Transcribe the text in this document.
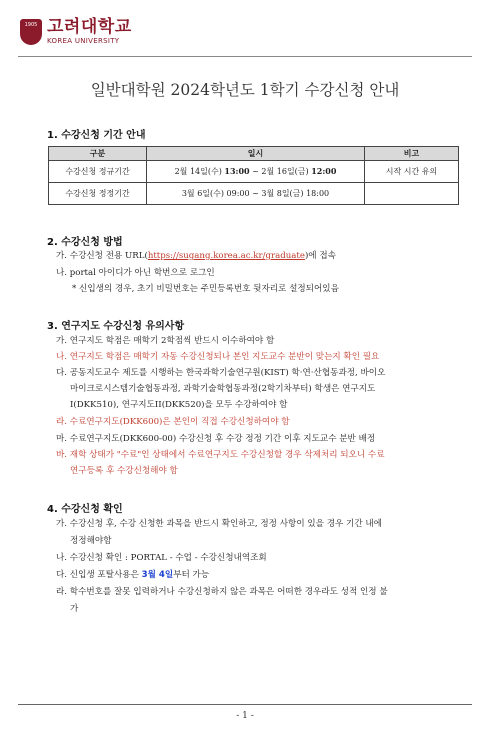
1905 고려대학교
KOREA UNIVERSITY
일반대학원 2024학년도 1학기 수강신청 안내
1. 수강신청 기간 안내
구분	일시	비고
수강신청 정규기간	2월 14일(수) 13:00 ~ 2월 16일(금) 12:00	시작 시간 유의
수강신청 정정기간	3월 6일(수) 09:00 ~ 3월 8일(금) 18:00	
2. 수강신청 방법
가. 수강신청 전용 URL(https://sugang.korea.ac.kr/graduate)에 접속
나. portal 아이디가 아닌 학번으로 로그인
* 신입생의 경우, 초기 비밀번호는 주민등록번호 뒷자리로 설정되어있음
3. 연구지도 수강신청 유의사항
가. 연구지도 학점은 매학기 2학점씩 반드시 이수하여야 함
나. 연구지도 학점은 매학기 자동 수강신청되나 본인 지도교수 분반이 맞는지 확인 필요
다. 공동지도교수 제도를 시행하는 한국과학기술연구원(KIST) 학·연·산협동과정, 바이오
마이크로시스템기술협동과정, 과학기술학협동과정(2학기차부터) 학생은 연구지도
I(DKK510), 연구지도II(DKK520)을 모두 수강하여야 함
라. 수료연구지도(DKK600)은 본인이 직접 수강신청하여야 함
마. 수료연구지도(DKK600-00) 수강신청 후 수강 정정 기간 이후 지도교수 분반 배정
바. 재학 상태가 "수료"인 상태에서 수료연구지도 수강신청할 경우 삭제처리 되오니 수료
연구등록 후 수강신청해야 함
4. 수강신청 확인
가. 수강신청 후, 수강 신청한 과목을 반드시 확인하고, 정정 사항이 있을 경우 기간 내에
정정해야함
나. 수강신청 확인 : PORTAL - 수업 - 수강신청내역조회
다. 신입생 포탈사용은 3월 4일부터 가능
라. 학수번호를 잘못 입력하거나 수강신청하지 않은 과목은 어떠한 경우라도 성적 인정 불
가
- 1 -
